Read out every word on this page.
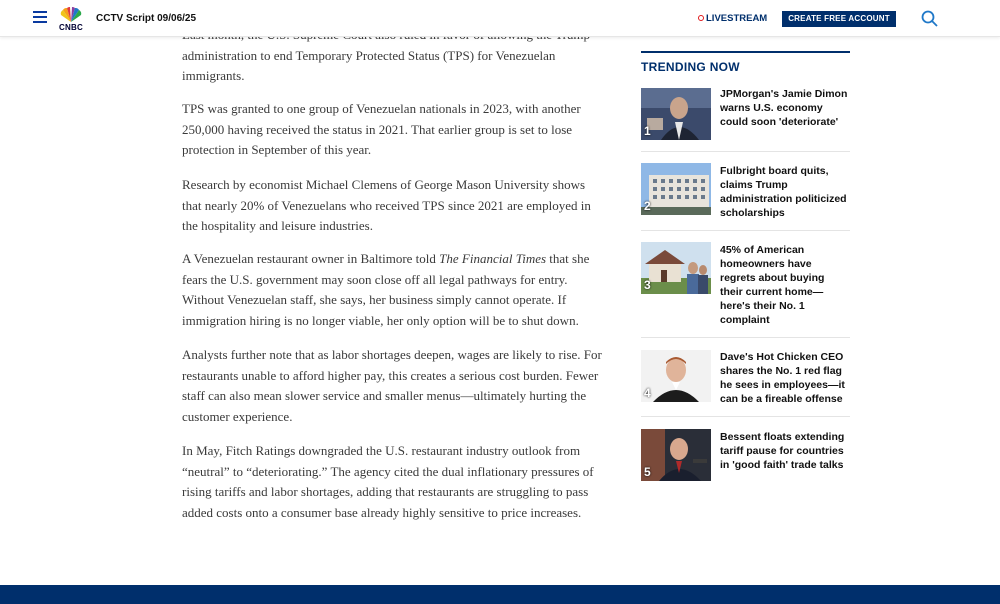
CNBC
CCTV Script 09/06/25	LIVESTREAM	CREATE FREE ACCOUNT

administration to end Temporary Protected Status (TPS) for Venezuelan immigrants.

TPS was granted to one group of Venezuelan nationals in 2023, with another 250,000 having received the status in 2021. That earlier group is set to lose protection in September of this year.

Research by economist Michael Clemens of George Mason University shows that nearly 20% of Venezuelans who received TPS since 2021 are employed in the hospitality and leisure industries.

A Venezuelan restaurant owner in Baltimore told The Financial Times that she fears the U.S. government may soon close off all legal pathways for entry. Without Venezuelan staff, she says, her business simply cannot operate. If immigration hiring is no longer viable, her only option will be to shut down.

Analysts further note that as labor shortages deepen, wages are likely to rise. For restaurants unable to afford higher pay, this creates a serious cost burden. Fewer staff can also mean slower service and smaller menus—ultimately hurting the customer experience.

In May, Fitch Ratings downgraded the U.S. restaurant industry outlook from “neutral” to “deteriorating.” The agency cited the dual inflationary pressures of rising tariffs and labor shortages, adding that restaurants are struggling to pass added costs onto a consumer base already highly sensitive to price increases.

TRENDING NOW
1
JPMorgan's Jamie Dimon warns U.S. economy could soon 'deteriorate'
2
Fulbright board quits, claims Trump administration politicized scholarships
3
45% of American homeowners have regrets about buying their current home—here's their No. 1 complaint
4
Dave's Hot Chicken CEO shares the No. 1 red flag he sees in employees—it can be a fireable offense
5
Bessent floats extending tariff pause for countries in 'good faith' trade talks
